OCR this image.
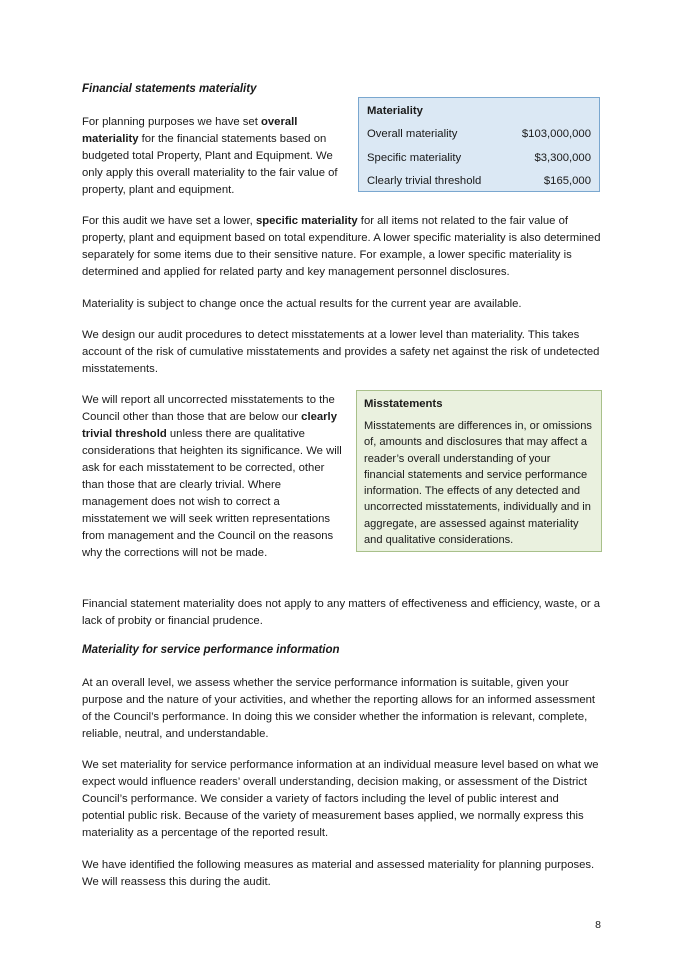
Financial statements materiality

For planning purposes we have set overall materiality for the financial statements based on budgeted total Property, Plant and Equipment. We only apply this overall materiality to the fair value of property, plant and equipment.

Materiality

Overall materiality	$103,000,000
Specific materiality	$3,300,000
Clearly trivial threshold	$165,000

For this audit we have set a lower, specific materiality for all items not related to the fair value of property, plant and equipment based on total expenditure. A lower specific materiality is also determined separately for some items due to their sensitive nature. For example, a lower specific materiality is determined and applied for related party and key management personnel disclosures.

Materiality is subject to change once the actual results for the current year are available.

We design our audit procedures to detect misstatements at a lower level than materiality. This takes account of the risk of cumulative misstatements and provides a safety net against the risk of undetected misstatements.

We will report all uncorrected misstatements to the Council other than those that are below our clearly trivial threshold unless there are qualitative considerations that heighten its significance. We will ask for each misstatement to be corrected, other than those that are clearly trivial. Where management does not wish to correct a misstatement we will seek written representations from management and the Council on the reasons why the corrections will not be made.

Misstatements

Misstatements are differences in, or omissions of, amounts and disclosures that may affect a reader’s overall understanding of your financial statements and service performance information. The effects of any detected and uncorrected misstatements, individually and in aggregate, are assessed against materiality and qualitative considerations.

Financial statement materiality does not apply to any matters of effectiveness and efficiency, waste, or a lack of probity or financial prudence.

Materiality for service performance information

At an overall level, we assess whether the service performance information is suitable, given your purpose and the nature of your activities, and whether the reporting allows for an informed assessment of the Council’s performance. In doing this we consider whether the information is relevant, complete, reliable, neutral, and understandable.

We set materiality for service performance information at an individual measure level based on what we expect would influence readers’ overall understanding, decision making, or assessment of the District Council’s performance. We consider a variety of factors including the level of public interest and potential public risk. Because of the variety of measurement bases applied, we normally express this materiality as a percentage of the reported result.

We have identified the following measures as material and assessed materiality for planning purposes. We will reassess this during the audit.

8
